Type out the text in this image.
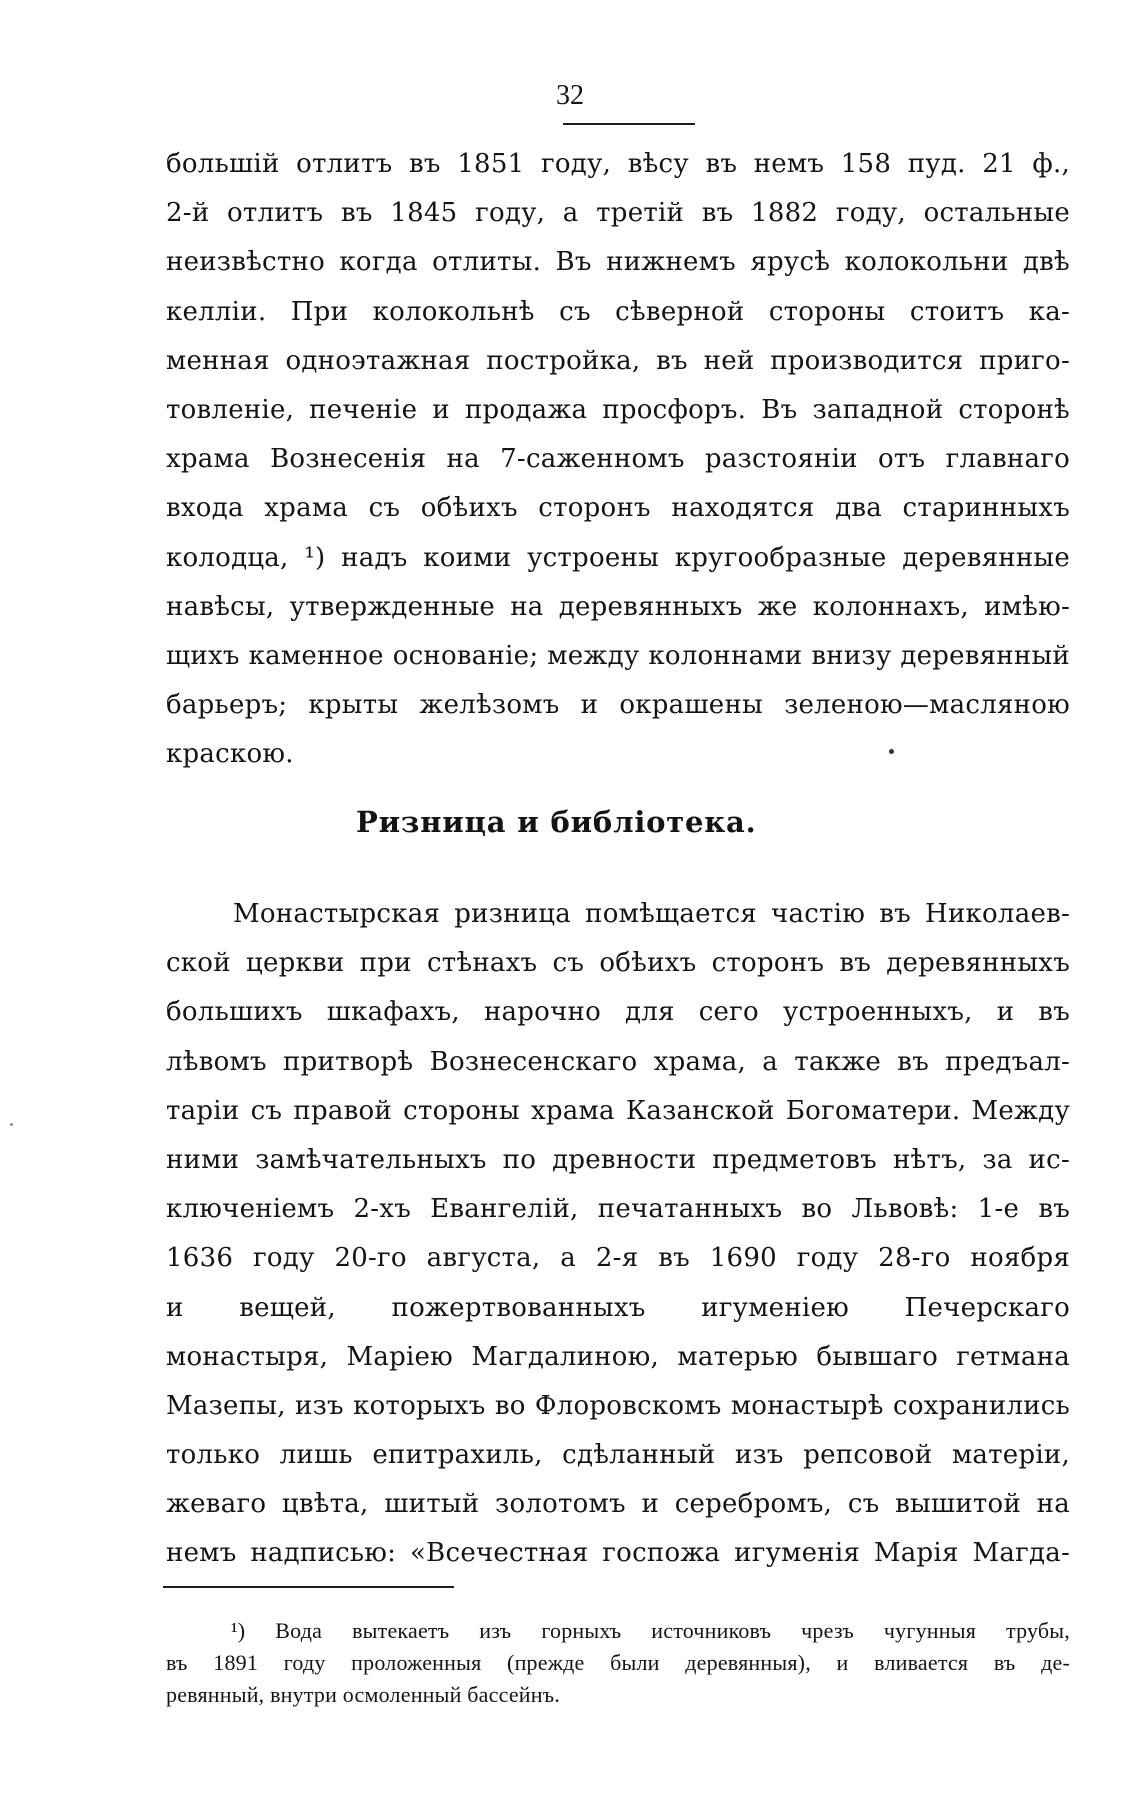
32
большій отлитъ въ 1851 году, вѣсу въ немъ 158 пуд. 21 ф.,
2-й отлитъ въ 1845 году, а третій въ 1882 году, остальные
неизвѣстно когда отлиты. Въ нижнемъ ярусѣ колокольни двѣ
келліи. При колокольнѣ съ сѣверной стороны стоитъ ка-
менная одноэтажная постройка, въ ней производится приго-
товленіе, печеніе и продажа просфоръ. Въ западной сторонѣ
храма Вознесенія на 7-саженномъ разстояніи отъ главнаго
входа храма съ обѣихъ сторонъ находятся два старинныхъ
колодца, ¹) надъ коими устроены кругообразные деревянные
навѣсы, утвержденные на деревянныхъ же колоннахъ, имѣю-
щихъ каменное основаніе; между колоннами внизу деревянный
барьеръ; крыты желѣзомъ и окрашены зеленою—масляною
краскою.
Ризница и библіотека.
Монастырская ризница помѣщается частію въ Николаев-
ской церкви при стѣнахъ съ обѣихъ сторонъ въ деревянныхъ
большихъ шкафахъ, нарочно для сего устроенныхъ, и въ
лѣвомъ притворѣ Вознесенскаго храма, а также въ предъал-
таріи съ правой стороны храма Казанской Богоматери. Между
ними замѣчательныхъ по древности предметовъ нѣтъ, за ис-
ключеніемъ 2-хъ Евангелій, печатанныхъ во Львовѣ: 1-е въ
1636 году 20-го августа, а 2-я въ 1690 году 28-го ноября
и вещей, пожертвованныхъ игуменіею Печерскаго
монастыря, Маріею Магдалиною, матерью бывшаго гетмана
Мазепы, изъ которыхъ во Флоровскомъ монастырѣ сохранились
только лишь епитрахиль, сдѣланный изъ репсовой матеріи,
жеваго цвѣта, шитый золотомъ и серебромъ, съ вышитой на
немъ надписью: «Всечестная госпожа игуменія Марія Магда-
¹) Вода вытекаетъ изъ горныхъ источниковъ чрезъ чугунныя трубы,
въ 1891 году проложенныя (прежде были деревянныя), и вливается въ де-
ревянный, внутри осмоленный бассейнъ.
